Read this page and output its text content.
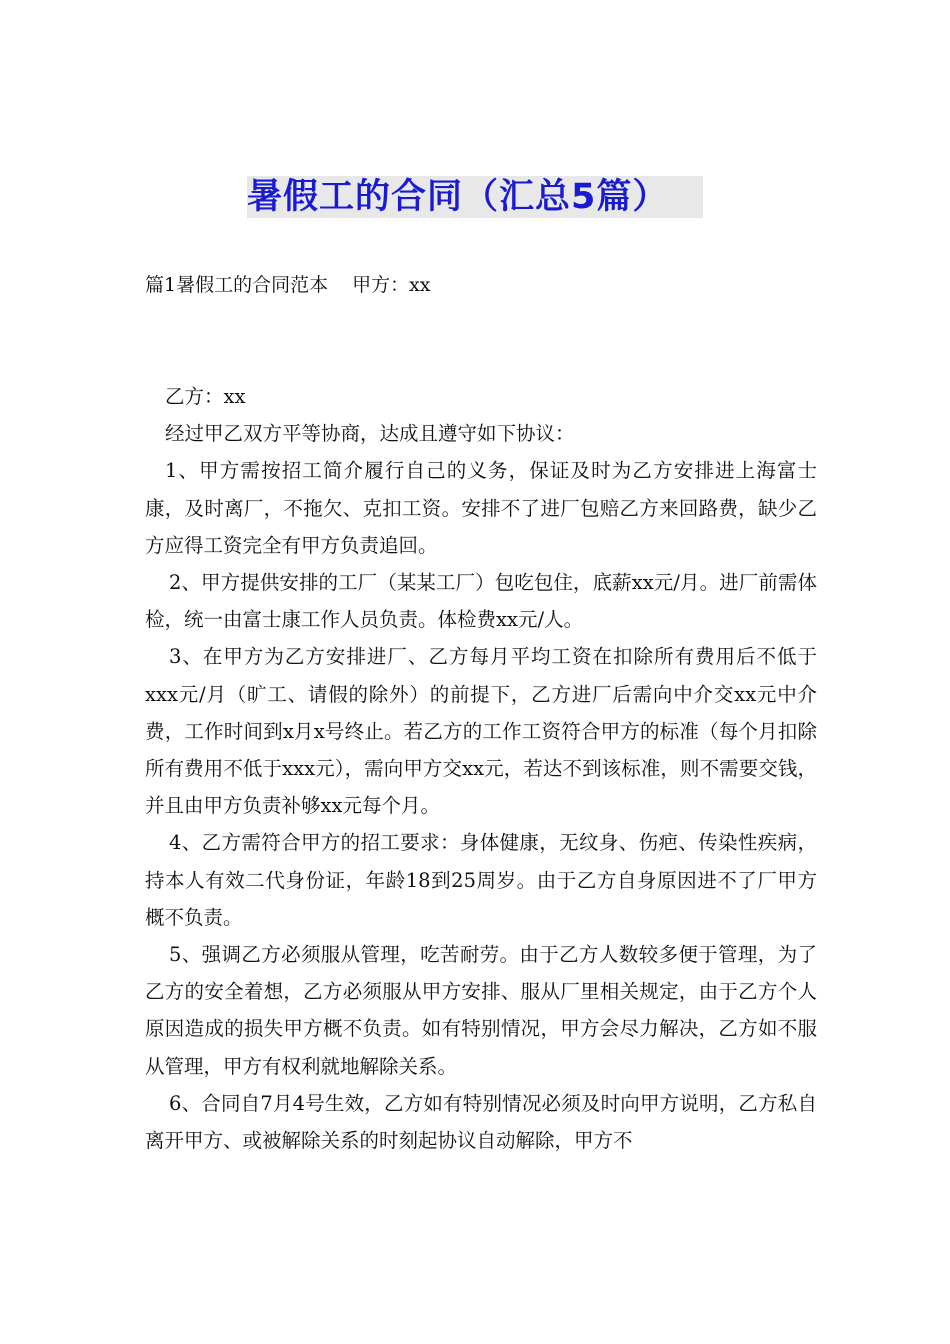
暑假工的合同（汇总5篇）
篇1暑假工的合同范本 甲方：xx

乙方：xx

经过甲乙双方平等协商，达成且遵守如下协议：

1、甲方需按招工简介履行自己的义务，保证及时为乙方安排进上海富士康，及时离厂，不拖欠、克扣工资。安排不了进厂包赔乙方来回路费，缺少乙方应得工资完全有甲方负责追回。

2、甲方提供安排的工厂（某某工厂）包吃包住，底薪xx元/月。进厂前需体检，统一由富士康工作人员负责。体检费xx元/人。

3、在甲方为乙方安排进厂、乙方每月平均工资在扣除所有费用后不低于xxx元/月（旷工、请假的除外）的前提下，乙方进厂后需向中介交xx元中介费，工作时间到x月x号终止。若乙方的工作工资符合甲方的标准（每个月扣除所有费用不低于xxx元），需向甲方交xx元，若达不到该标准，则不需要交钱，并且由甲方负责补够xx元每个月。

4、乙方需符合甲方的招工要求：身体健康，无纹身、伤疤、传染性疾病，持本人有效二代身份证，年龄18到25周岁。由于乙方自身原因进不了厂甲方概不负责。

5、强调乙方必须服从管理，吃苦耐劳。由于乙方人数较多便于管理，为了乙方的安全着想，乙方必须服从甲方安排、服从厂里相关规定，由于乙方个人原因造成的损失甲方概不负责。如有特别情况，甲方会尽力解决，乙方如不服从管理，甲方有权利就地解除关系。

6、合同自7月4号生效，乙方如有特别情况必须及时向甲方说明，乙方私自离开甲方、或被解除关系的时刻起协议自动解除，甲方不
